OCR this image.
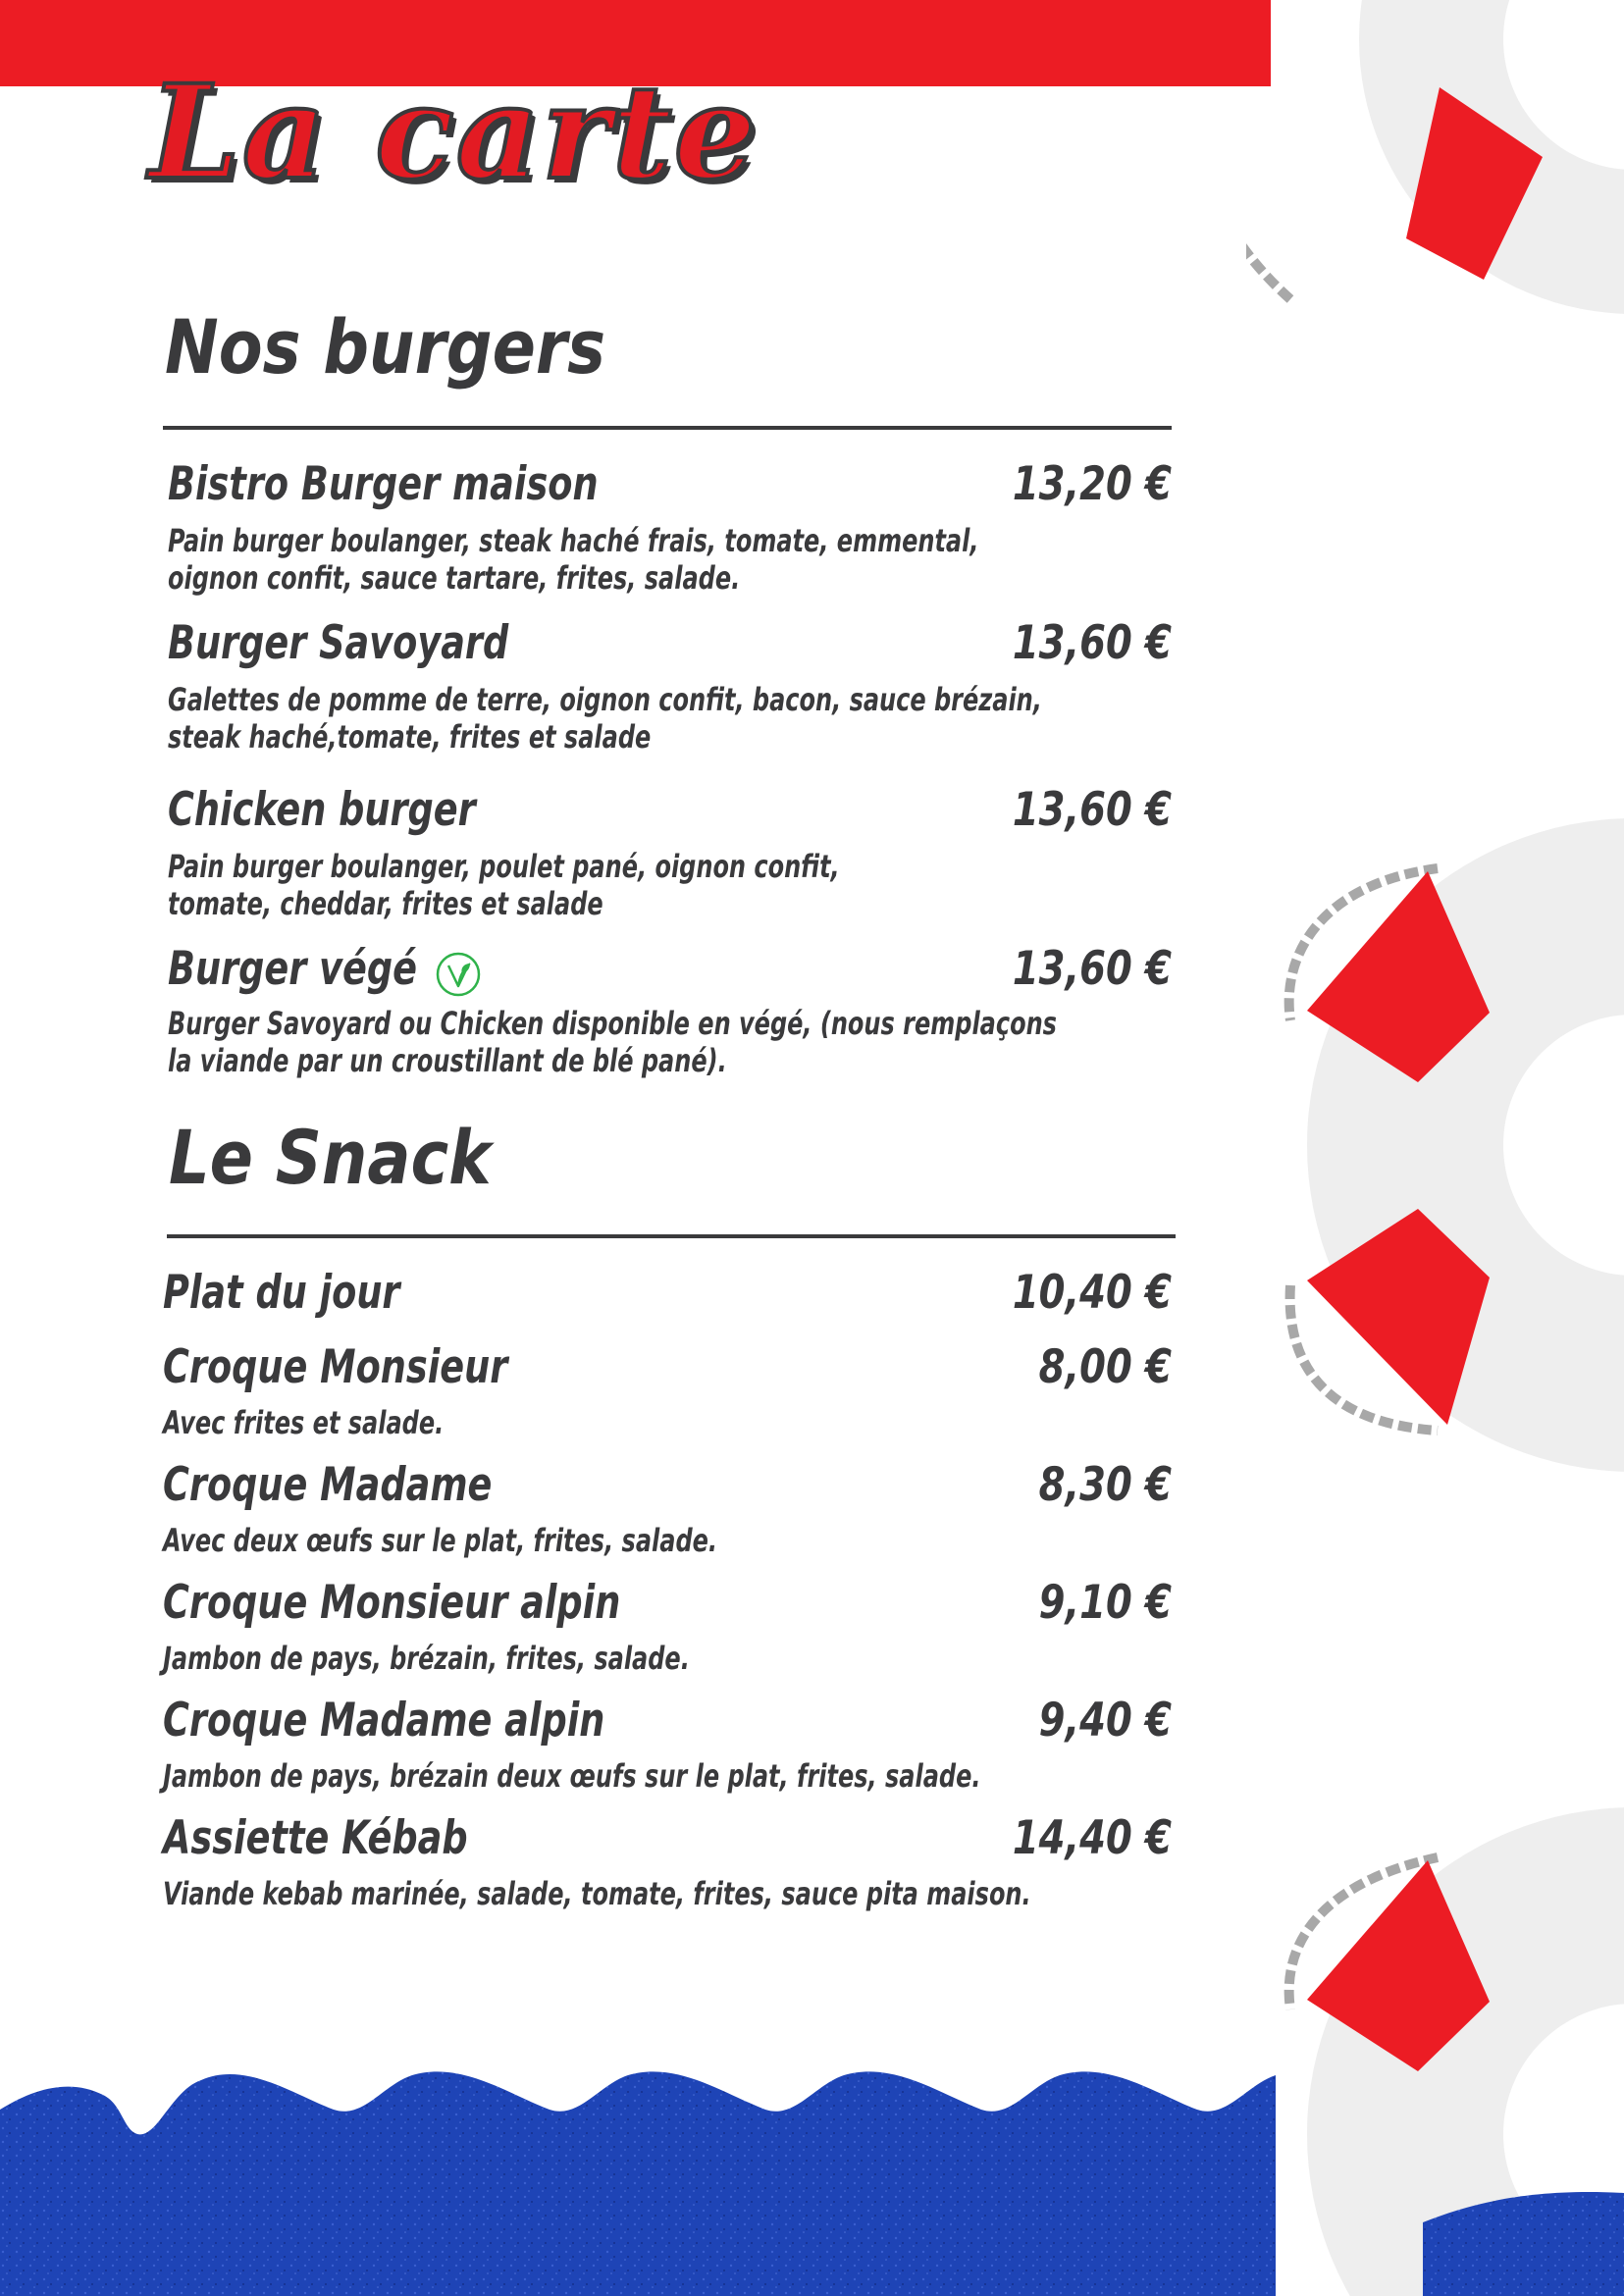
La carte
Nos burgers

Bistro Burger maison	13,20 €

Pain burger boulanger, steak haché frais, tomate, emmental,

oignon confit, sauce tartare, frites, salade.

Burger Savoyard	13,60 €

Galettes de pomme de terre, oignon confit, bacon, sauce brézain,

steak haché,tomate, frites et salade

Chicken burger	13,60 €

Pain burger boulanger, poulet pané, oignon confit,

tomate, cheddar, frites et salade

Burger végé	13,60 €

Burger Savoyard ou Chicken disponible en végé, (nous remplaçons

la viande par un croustillant de blé pané).

Le Snack

Plat du jour	10,40 €

Croque Monsieur	8,00 €

Avec frites et salade.

Croque Madame	8,30 €

Avec deux œufs sur le plat, frites, salade.

Croque Monsieur alpin	9,10 €

Jambon de pays, brézain, frites, salade.

Croque Madame alpin	9,40 €

Jambon de pays, brézain deux œufs sur le plat, frites, salade.

Assiette Kébab	14,40 €

Viande kebab marinée, salade, tomate, frites, sauce pita maison.
